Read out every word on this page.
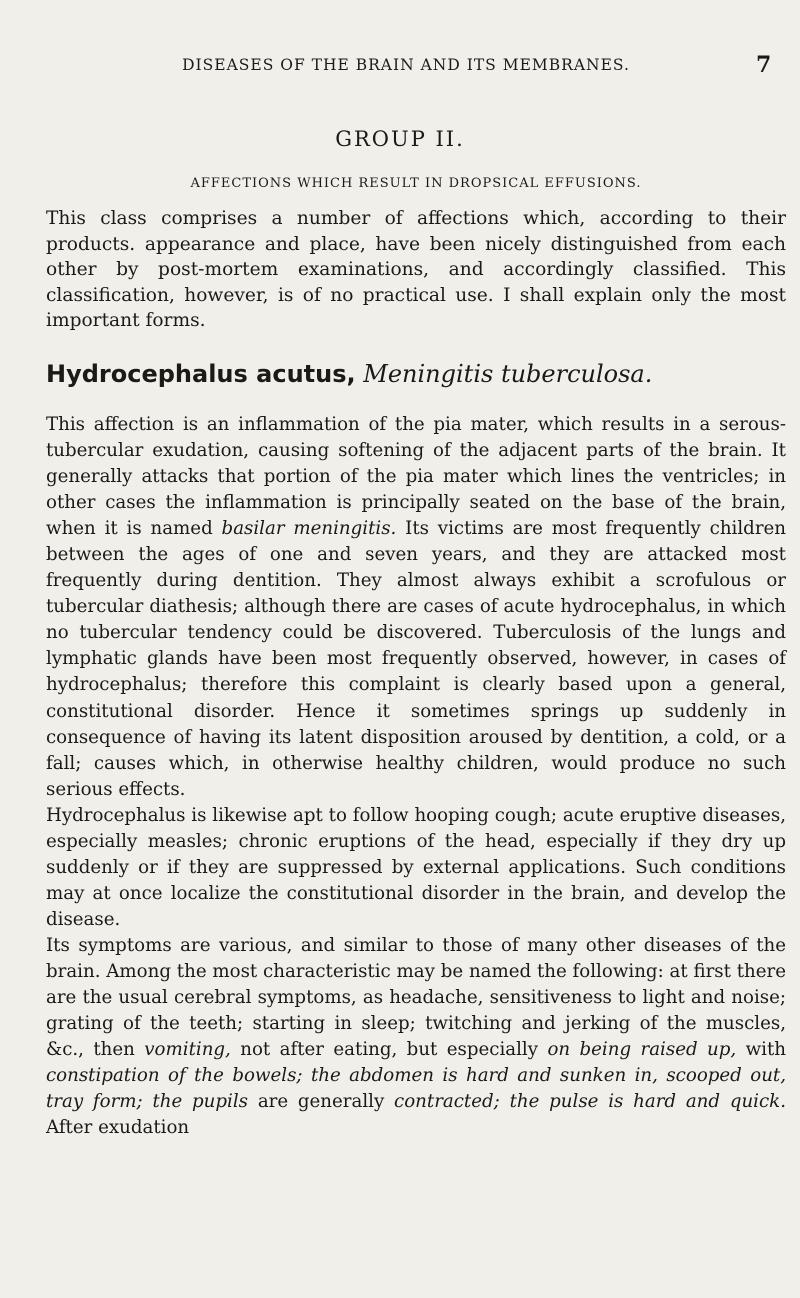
DISEASES OF THE BRAIN AND ITS MEMBRANES.	7
GROUP II.
AFFECTIONS WHICH RESULT IN DROPSICAL EFFUSIONS.

This class comprises a number of affections which, according to their products. appearance and place, have been nicely distinguished from each other by post-mortem examinations, and accordingly classified. This classification, however, is of no practical use. I shall explain only the most important forms.

Hydrocephalus acutus, Meningitis tuberculosa.

This affection is an inflammation of the pia mater, which results in a serous-tubercular exudation, causing softening of the adjacent parts of the brain. It generally attacks that portion of the pia mater which lines the ventricles; in other cases the inflammation is principally seated on the base of the brain, when it is named basilar meningitis. Its victims are most frequently children between the ages of one and seven years, and they are attacked most frequently during dentition. They almost always exhibit a scrofulous or tubercular diathesis; although there are cases of acute hydrocephalus, in which no tubercular tendency could be discovered. Tuberculosis of the lungs and lymphatic glands have been most frequently observed, however, in cases of hydrocephalus; therefore this complaint is clearly based upon a general, constitutional disorder. Hence it sometimes springs up suddenly in consequence of having its latent disposition aroused by dentition, a cold, or a fall; causes which, in otherwise healthy children, would produce no such serious effects.

Hydrocephalus is likewise apt to follow hooping cough; acute eruptive diseases, especially measles; chronic eruptions of the head, especially if they dry up suddenly or if they are suppressed by external applications. Such conditions may at once localize the constitutional disorder in the brain, and develop the disease.

Its symptoms are various, and similar to those of many other diseases of the brain. Among the most characteristic may be named the following: at first there are the usual cerebral symptoms, as headache, sensitiveness to light and noise; grating of the teeth; starting in sleep; twitching and jerking of the muscles, &c., then vomiting, not after eating, but especially on being raised up, with constipation of the bowels; the abdomen is hard and sunken in, scooped out, tray form; the pupils are generally contracted; the pulse is hard and quick. After exudation
